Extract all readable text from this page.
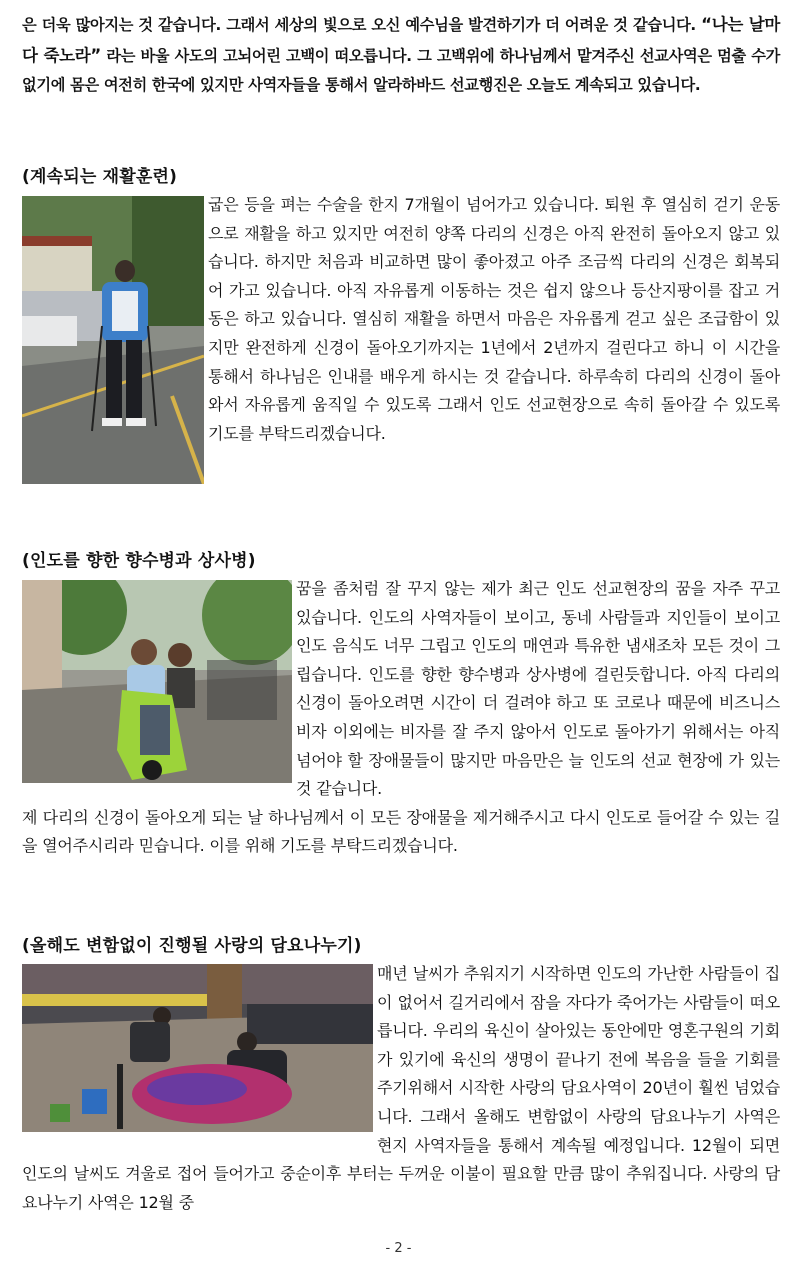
은 더욱 많아지는 것 같습니다. 그래서 세상의 빛으로 오신 예수님을 발견하기가 더 어려운 것 같습니다. “나는 날마다 죽노라” 라는 바울 사도의 고뇌어린 고백이 떠오릅니다. 그 고백위에 하나님께서 맡겨주신 선교사역은 멈출 수가 없기에 몸은 여전히 한국에 있지만 사역자들을 통해서 알라하바드 선교행진은 오늘도 계속되고 있습니다.
(계속되는 재활훈련)
굽은 등을 펴는 수술을 한지 7개월이 넘어가고 있습니다. 퇴원 후 열심히 걷기 운동으로 재활을 하고 있지만 여전히 양쪽 다리의 신경은 아직 완전히 돌아오지 않고 있습니다. 하지만 처음과 비교하면 많이 좋아졌고 아주 조금씩 다리의 신경은 회복되어 가고 있습니다. 아직 자유롭게 이동하는 것은 쉽지 않으나 등산지팡이를 잡고 거동은 하고 있습니다. 열심히 재활을 하면서 마음은 자유롭게 걷고 싶은 조급함이 있지만 완전하게 신경이 돌아오기까지는 1년에서 2년까지 걸린다고 하니 이 시간을 통해서 하나님은 인내를 배우게 하시는 것 같습니다. 하루속히 다리의 신경이 돌아와서 자유롭게 움직일 수 있도록 그래서 인도 선교현장으로 속히 돌아갈 수 있도록 기도를 부탁드리겠습니다.
(인도를 향한 향수병과 상사병)
꿈을 좀처럼 잘 꾸지 않는 제가 최근 인도 선교현장의 꿈을 자주 꾸고 있습니다. 인도의 사역자들이 보이고, 동네 사람들과 지인들이 보이고 인도 음식도 너무 그립고 인도의 매연과 특유한 냄새조차 모든 것이 그립습니다. 인도를 향한 향수병과 상사병에 걸린듯합니다. 아직 다리의 신경이 돌아오려면 시간이 더 걸려야 하고 또 코로나 때문에 비즈니스 비자 이외에는 비자를 잘 주지 않아서 인도로 돌아가기 위해서는 아직 넘어야 할 장애물들이 많지만 마음만은 늘 인도의 선교 현장에 가 있는 것 같습니다.
제 다리의 신경이 돌아오게 되는 날 하나님께서 이 모든 장애물을 제거해주시고 다시 인도로 들어갈 수 있는 길을 열어주시리라 믿습니다. 이를 위해 기도를 부탁드리겠습니다.
(올해도 변함없이 진행될 사랑의 담요나누기)
매년 날씨가 추워지기 시작하면 인도의 가난한 사람들이 집이 없어서 길거리에서 잠을 자다가 죽어가는 사람들이 떠오릅니다. 우리의 육신이 살아있는 동안에만 영혼구원의 기회가 있기에 육신의 생명이 끝나기 전에 복음을 들을 기회를 주기위해서 시작한 사랑의 담요사역이 20년이 훨씬 넘었습니다. 그래서 올해도 변함없이 사랑의 담요나누기 사역은 현지 사역자들을 통해서 계속될 예정입니다. 12월이 되면 인도의 날씨도 겨울로 접어 들어가고 중순이후 부터는 두꺼운 이불이 필요할 만큼 많이 추워집니다. 사랑의 담요나누기 사역은 12월 중
- 2 -
